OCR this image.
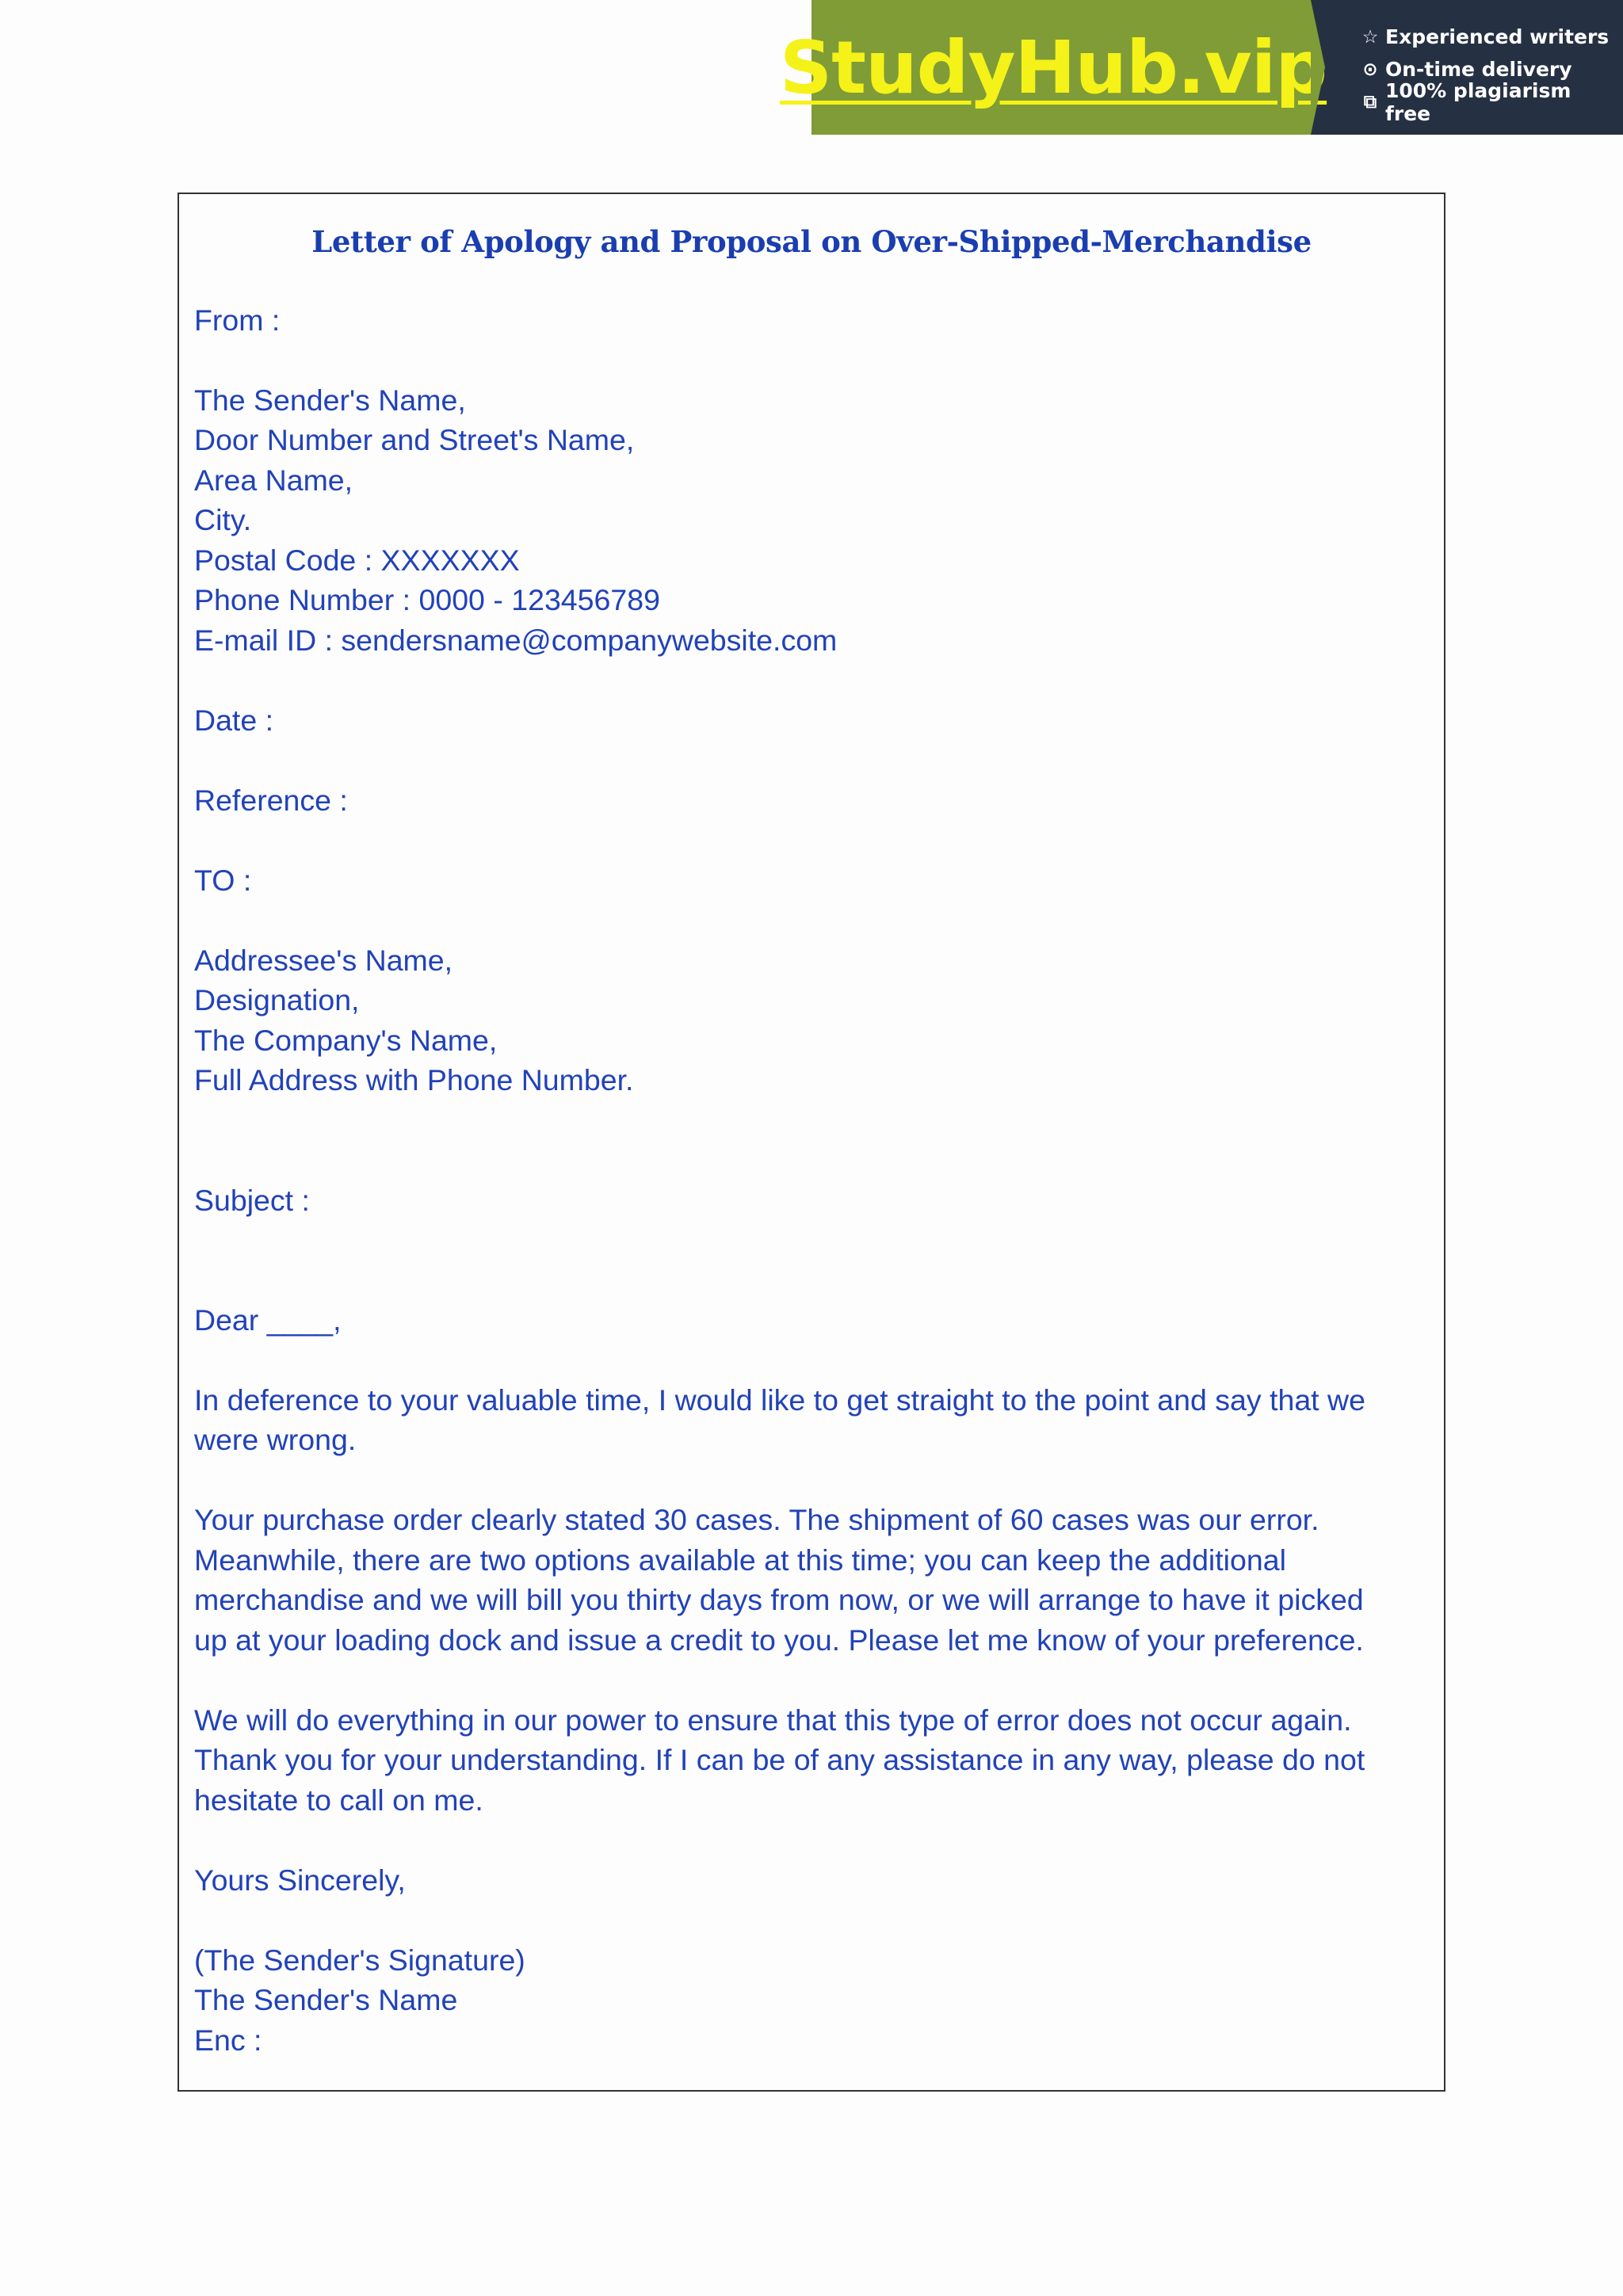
StudyHub.vip ☆ Experienced writers
⊙ On-time delivery
⧉ 100% plagiarism free
Letter of Apology and Proposal on Over-Shipped-Merchandise

From :

The Sender's Name,

Door Number and Street's Name,

Area Name,

City.

Postal Code : XXXXXXX

Phone Number : 0000 - 123456789

E-mail ID : sendersname@companywebsite.com

Date :

Reference :

TO :

Addressee's Name,

Designation,

The Company's Name,

Full Address with Phone Number.

Subject :

Dear ____,

In deference to your valuable time, I would like to get straight to the point and say that we

were wrong.

Your purchase order clearly stated 30 cases. The shipment of 60 cases was our error.

Meanwhile, there are two options available at this time; you can keep the additional

merchandise and we will bill you thirty days from now, or we will arrange to have it picked

up at your loading dock and issue a credit to you. Please let me know of your preference.

We will do everything in our power to ensure that this type of error does not occur again.

Thank you for your understanding. If I can be of any assistance in any way, please do not

hesitate to call on me.

Yours Sincerely,

(The Sender's Signature)

The Sender's Name

Enc :
